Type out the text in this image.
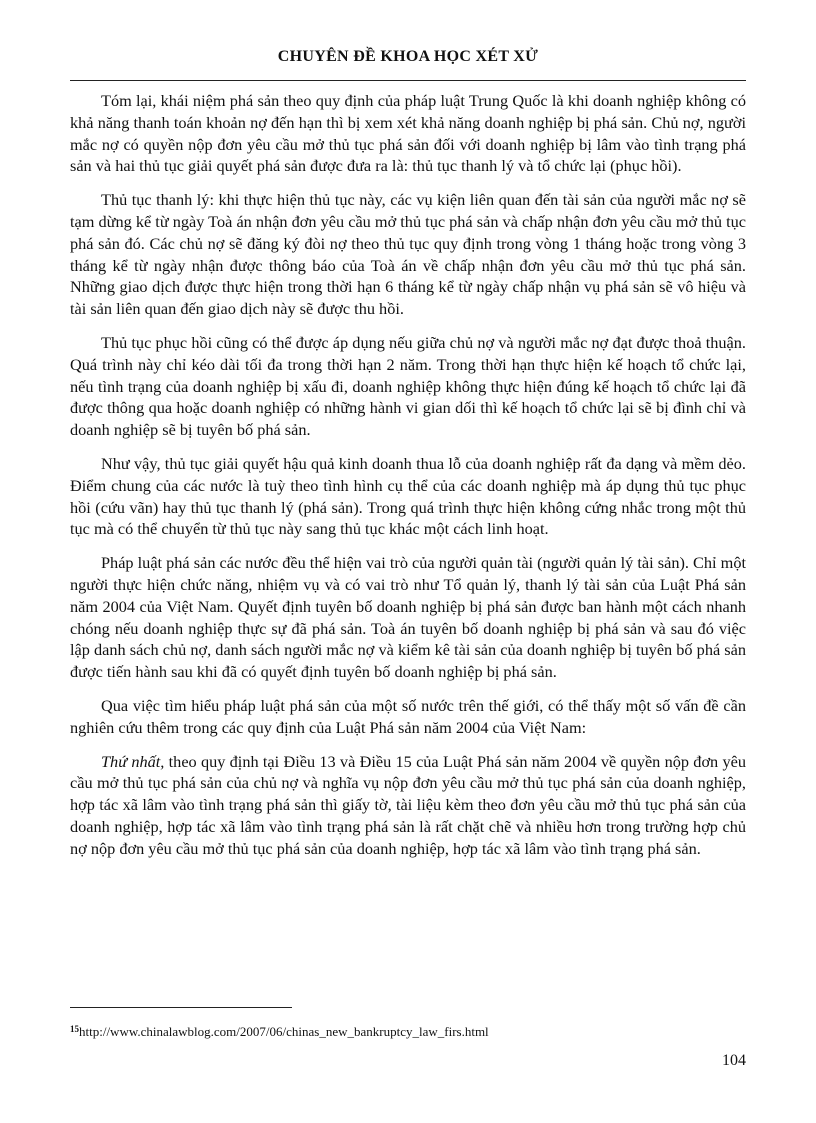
CHUYÊN ĐỀ KHOA HỌC XÉT XỬ

Tóm lại, khái niệm phá sản theo quy định của pháp luật Trung Quốc là khi doanh nghiệp không có khả năng thanh toán khoản nợ đến hạn thì bị xem xét khả năng doanh nghiệp bị phá sản. Chủ nợ, người mắc nợ có quyền nộp đơn yêu cầu mở thủ tục phá sản đối với doanh nghiệp bị lâm vào tình trạng phá sản và hai thủ tục giải quyết phá sản được đưa ra là: thủ tục thanh lý và tổ chức lại (phục hồi).

Thủ tục thanh lý: khi thực hiện thủ tục này, các vụ kiện liên quan đến tài sản của người mắc nợ sẽ tạm dừng kể từ ngày Toà án nhận đơn yêu cầu mở thủ tục phá sản và chấp nhận đơn yêu cầu mở thủ tục phá sản đó. Các chủ nợ sẽ đăng ký đòi nợ theo thủ tục quy định trong vòng 1 tháng hoặc trong vòng 3 tháng kể từ ngày nhận được thông báo của Toà án về chấp nhận đơn yêu cầu mở thủ tục phá sản. Những giao dịch được thực hiện trong thời hạn 6 tháng kể từ ngày chấp nhận vụ phá sản sẽ vô hiệu và tài sản liên quan đến giao dịch này sẽ được thu hồi.

Thủ tục phục hồi cũng có thể được áp dụng nếu giữa chủ nợ và người mắc nợ đạt được thoả thuận. Quá trình này chỉ kéo dài tối đa trong thời hạn 2 năm. Trong thời hạn thực hiện kế hoạch tổ chức lại, nếu tình trạng của doanh nghiệp bị xấu đi, doanh nghiệp không thực hiện đúng kế hoạch tổ chức lại đã được thông qua hoặc doanh nghiệp có những hành vi gian dối thì kế hoạch tổ chức lại sẽ bị đình chỉ và doanh nghiệp sẽ bị tuyên bố phá sản.

Như vậy, thủ tục giải quyết hậu quả kinh doanh thua lỗ của doanh nghiệp rất đa dạng và mềm dẻo. Điểm chung của các nước là tuỳ theo tình hình cụ thể của các doanh nghiệp mà áp dụng thủ tục phục hồi (cứu vãn) hay thủ tục thanh lý (phá sản). Trong quá trình thực hiện không cứng nhắc trong một thủ tục mà có thể chuyển từ thủ tục này sang thủ tục khác một cách linh hoạt.

Pháp luật phá sản các nước đều thể hiện vai trò của người quản tài (người quản lý tài sản). Chỉ một người thực hiện chức năng, nhiệm vụ và có vai trò như Tổ quản lý, thanh lý tài sản của Luật Phá sản năm 2004 của Việt Nam. Quyết định tuyên bố doanh nghiệp bị phá sản được ban hành một cách nhanh chóng nếu doanh nghiệp thực sự đã phá sản. Toà án tuyên bố doanh nghiệp bị phá sản và sau đó việc lập danh sách chủ nợ, danh sách người mắc nợ và kiểm kê tài sản của doanh nghiệp bị tuyên bố phá sản được tiến hành sau khi đã có quyết định tuyên bố doanh nghiệp bị phá sản.

Qua việc tìm hiểu pháp luật phá sản của một số nước trên thế giới, có thể thấy một số vấn đề cần nghiên cứu thêm trong các quy định của Luật Phá sản năm 2004 của Việt Nam:

Thứ nhất, theo quy định tại Điều 13 và Điều 15 của Luật Phá sản năm 2004 về quyền nộp đơn yêu cầu mở thủ tục phá sản của chủ nợ và nghĩa vụ nộp đơn yêu cầu mở thủ tục phá sản của doanh nghiệp, hợp tác xã lâm vào tình trạng phá sản thì giấy tờ, tài liệu kèm theo đơn yêu cầu mở thủ tục phá sản của doanh nghiệp, hợp tác xã lâm vào tình trạng phá sản là rất chặt chẽ và nhiều hơn trong trường hợp chủ nợ nộp đơn yêu cầu mở thủ tục phá sản của doanh nghiệp, hợp tác xã lâm vào tình trạng phá sản.

$^{15}$http://www.chinalawblog.com/2007/06/chinas_new_bankruptcy_law_firs.html
104
